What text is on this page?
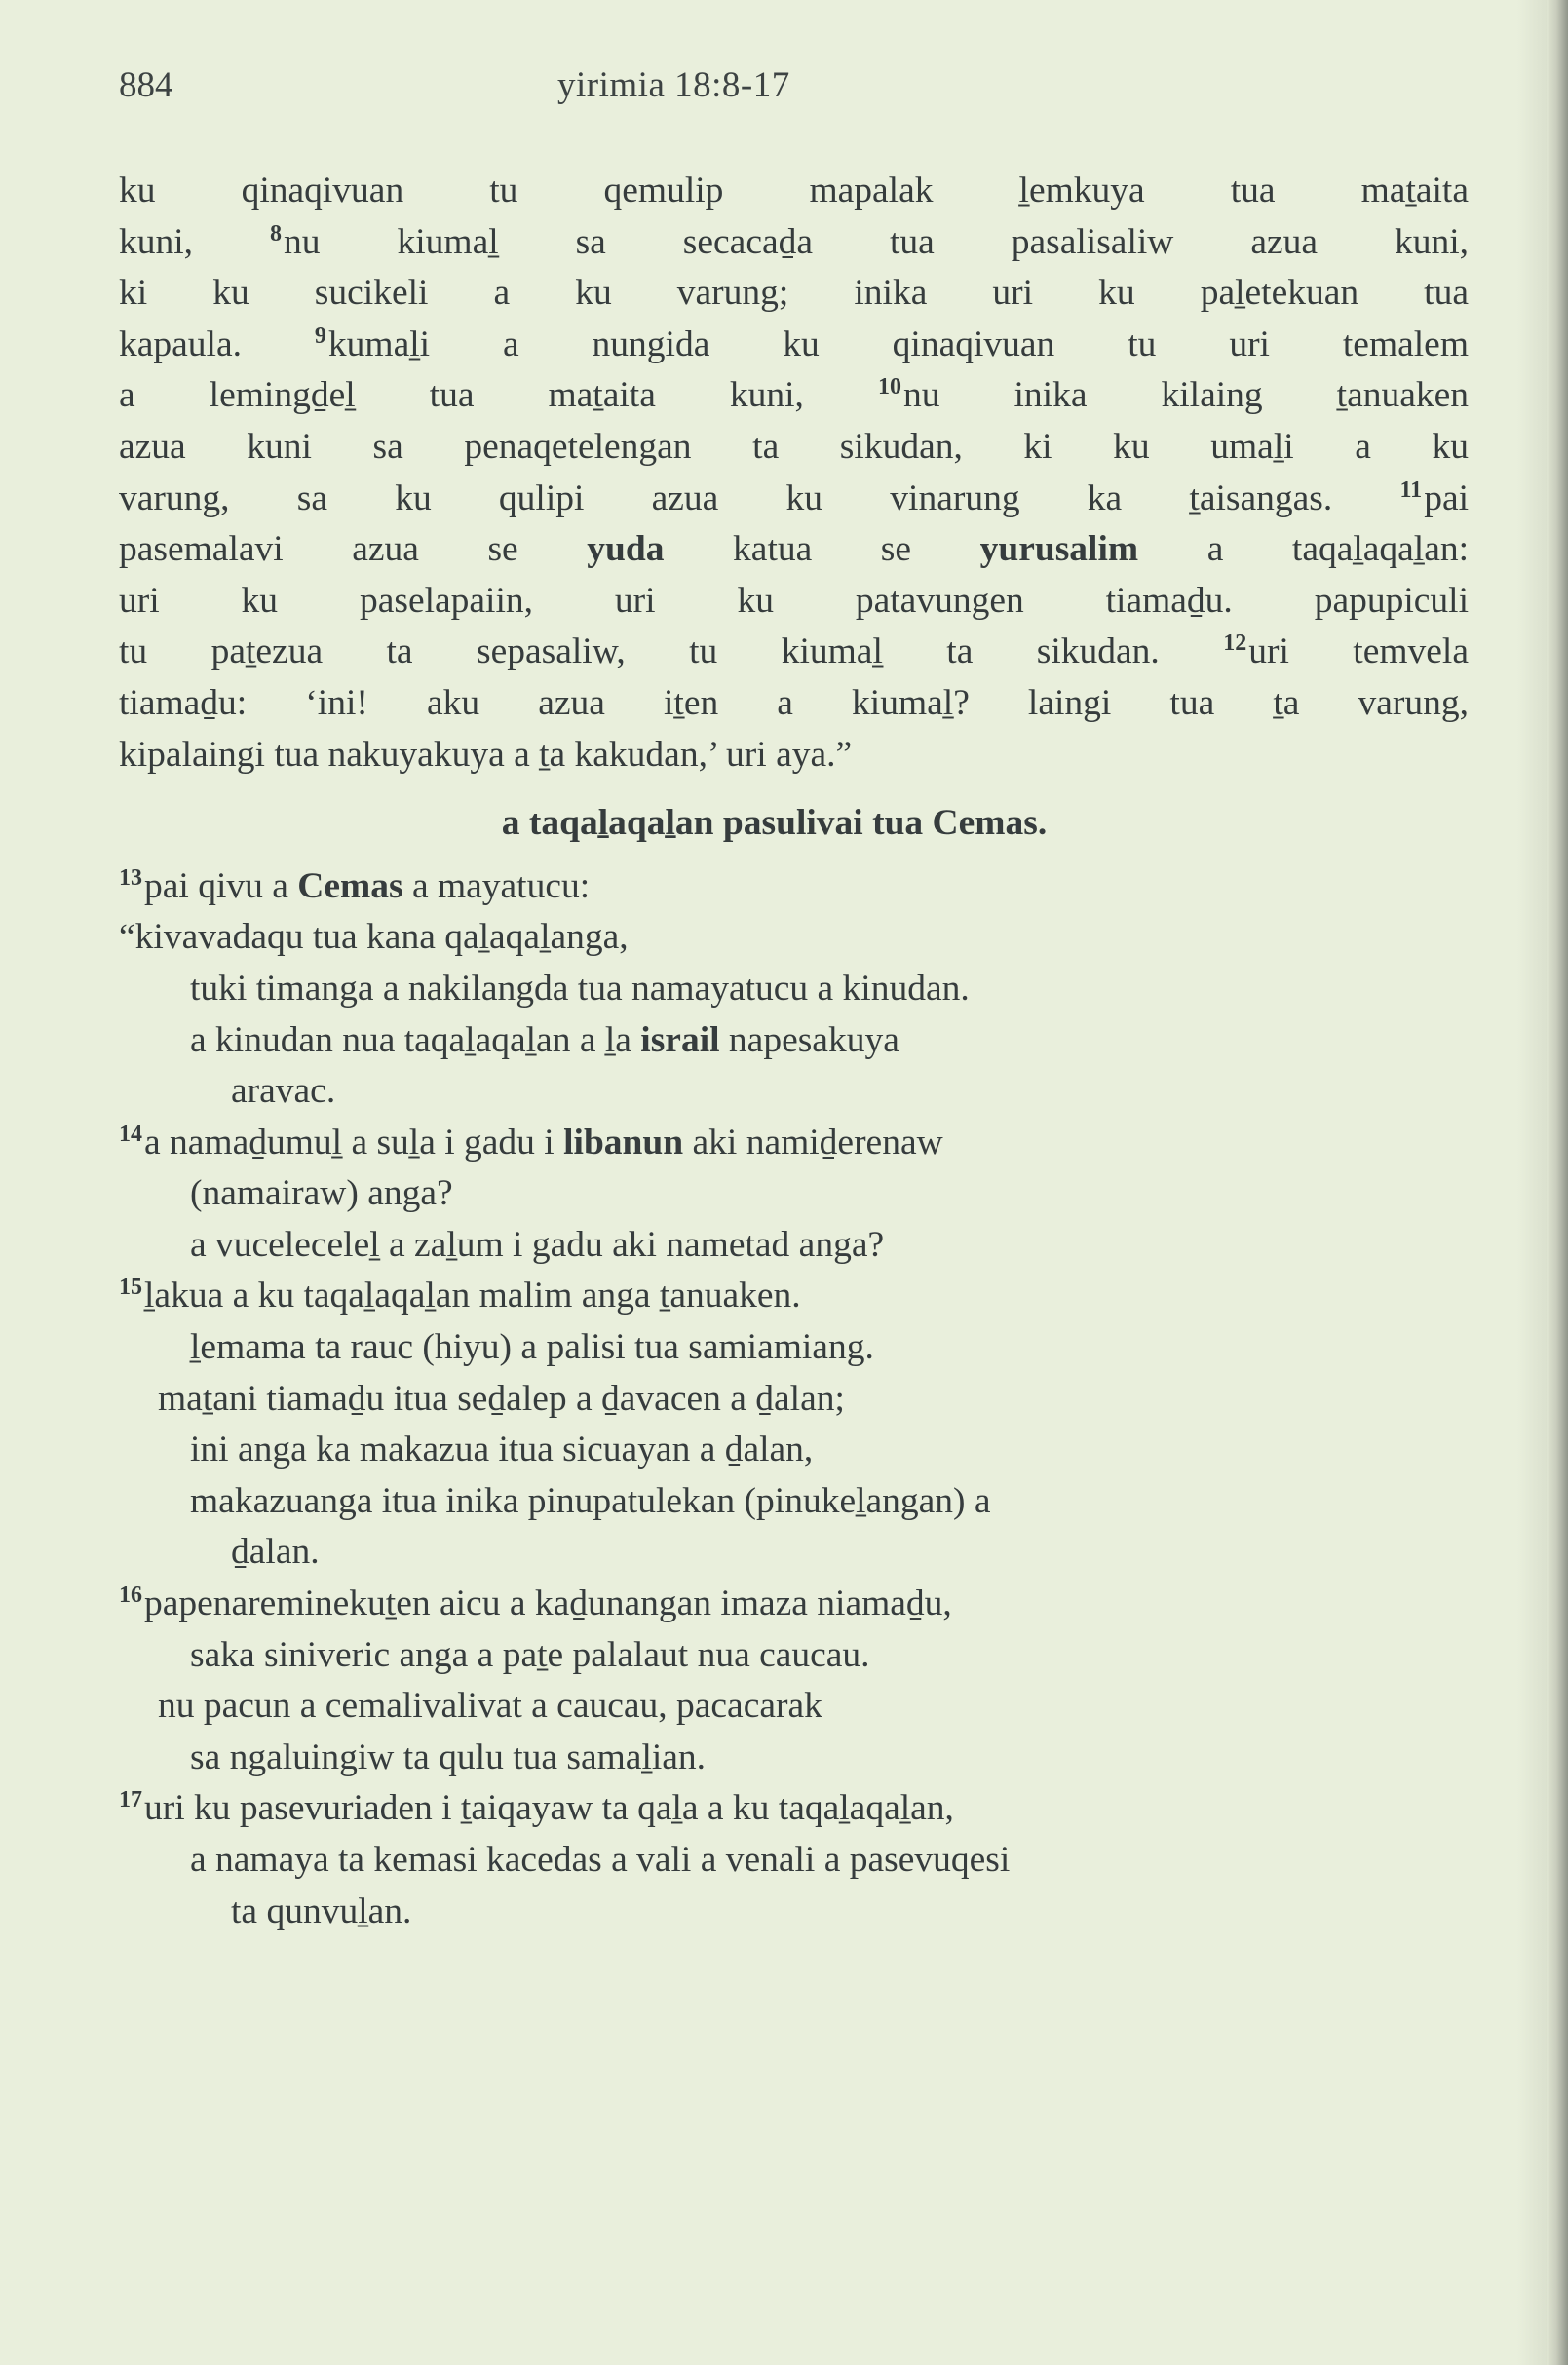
884	yirimia 18:8-17
ku qinaqivuan tu qemulip mapalak l̠emkuya tua mat̠aita
kuni,	$^8$nu kiumal̠ sa secacad̠a tua pasalisaliw azua kuni,
ki ku sucikeli a ku varung; inika uri ku pal̠etekuan tua
kapaula.	$^9$kumal̠i a nungida ku qinaqivuan tu uri temalem
a lemingd̠el̠ tua mat̠aita kuni,	$^{10}$nu inika kilaing t̠anuaken
azua kuni sa penaqetelengan ta sikudan, ki ku umal̠i a ku
varung, sa ku qulipi azua ku vinarung ka t̠aisangas.	$^{11}$pai
pasemalavi azua se yuda katua se yurusalim a taqal̠aqal̠an:
uri ku paselapaiin, uri ku patavungen tiamad̠u. papupiculi
tu pat̠ezua ta sepasaliw, tu kiumal̠ ta sikudan.	$^{12}$uri temvela
tiamad̠u: ‘ini! aku azua it̠en a kiumal̠? laingi tua t̠a varung,
kipalaingi tua nakuyakuya a t̠a kakudan,’ uri aya.”
a taqal̠aqal̠an pasulivai tua Cemas.
$^{13}$pai qivu a Cemas a mayatucu:
“kivavadaqu tua kana qal̠aqal̠anga,
tuki timanga a nakilangda tua namayatucu a kinudan.
a kinudan nua taqal̠aqal̠an a l̠a israil napesakuya
aravac.
$^{14}$a namad̠umul̠ a sul̠a i gadu i libanun aki namid̠erenaw
(namairaw) anga?
a vucelecelel̠ a zal̠um i gadu aki nametad anga?
$^{15}$l̠akua a ku taqal̠aqal̠an malim anga t̠anuaken.
l̠emama ta rauc (hiyu) a palisi tua samiamiang.
mat̠ani tiamad̠u itua sed̠alep a d̠avacen a d̠alan;
ini anga ka makazua itua sicuayan a d̠alan,
makazuanga itua inika pinupatulekan (pinukel̠angan) a
d̠alan.
$^{16}$papenareminekut̠en aicu a kad̠unangan imaza niamad̠u,
saka siniveric anga a pat̠e palalaut nua caucau.
nu pacun a cemalivalivat a caucau, pacacarak
sa ngaluingiw ta qulu tua samal̠ian.
$^{17}$uri ku pasevuriaden i t̠aiqayaw ta qal̠a a ku taqal̠aqal̠an,
a namaya ta kemasi kacedas a vali a venali a pasevuqesi
ta qunvul̠an.
